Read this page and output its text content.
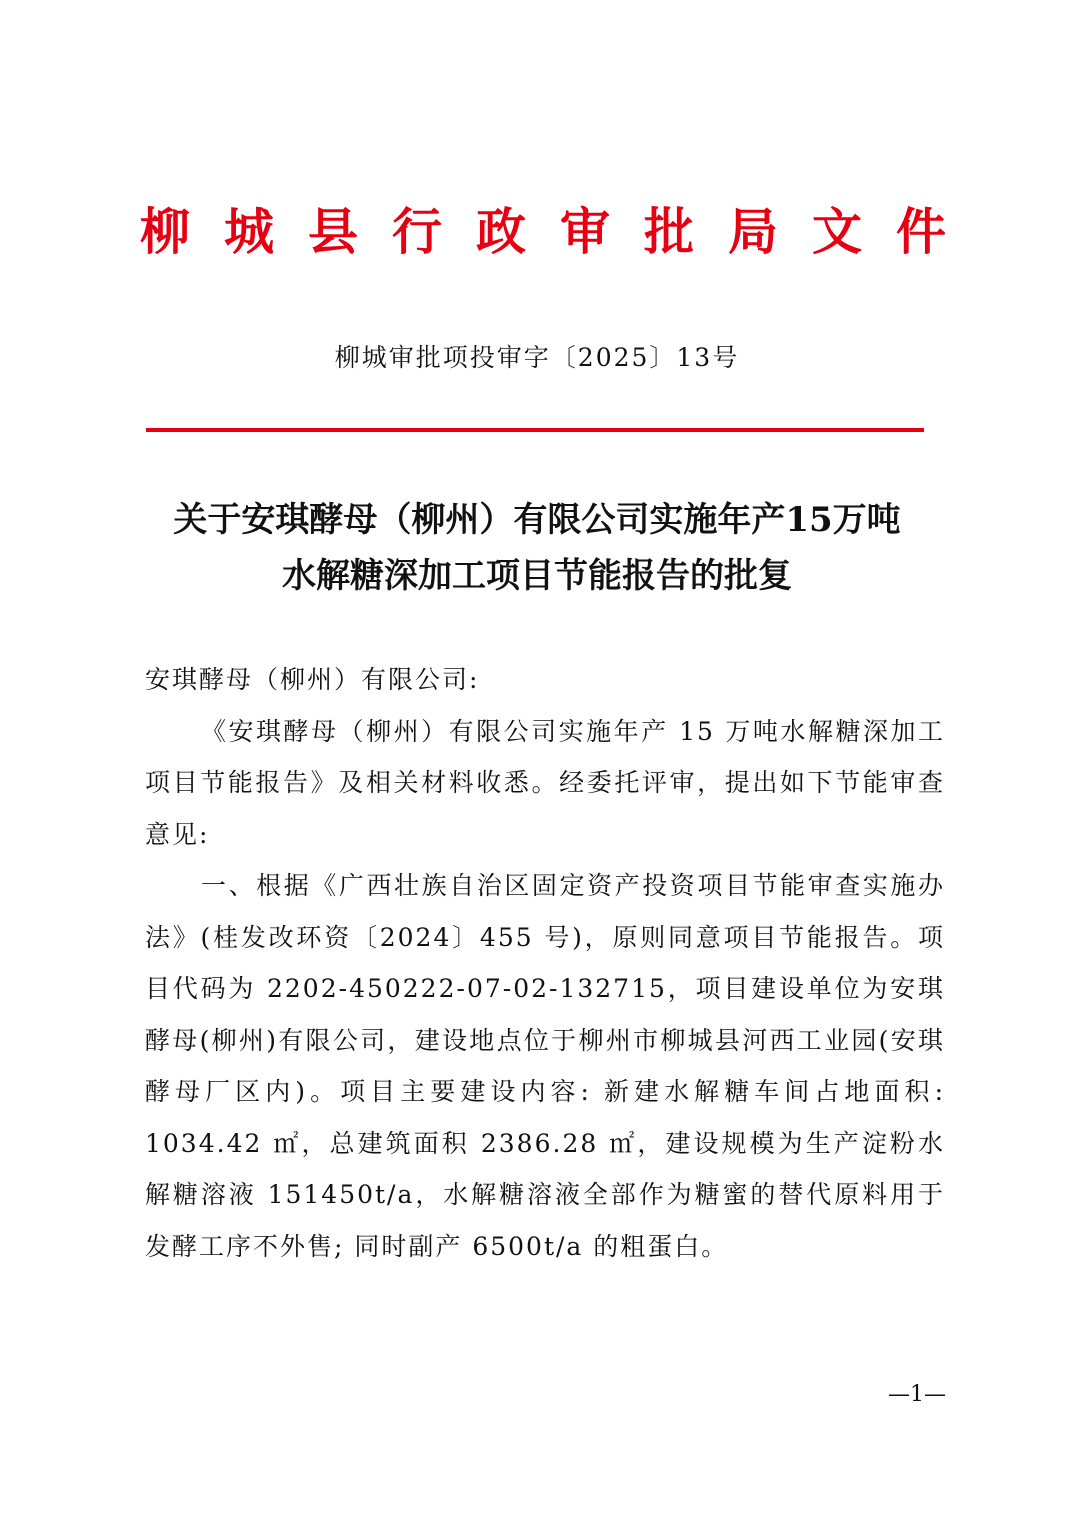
柳 城 县 行 政 审 批 局 文 件
柳城审批项投审字〔2025〕13号
关于安琪酵母（柳州）有限公司实施年产15万吨
水解糖深加工项目节能报告的批复

安琪酵母（柳州）有限公司:

《安琪酵母（柳州）有限公司实施年产 15 万吨水解糖深加工项目节能报告》及相关材料收悉。经委托评审，提出如下节能审查意见:

一、根据《广西壮族自治区固定资产投资项目节能审查实施办法》(桂发改环资〔2024〕455 号)，原则同意项目节能报告。项目代码为 2202-450222-07-02-132715，项目建设单位为安琪酵母(柳州)有限公司，建设地点位于柳州市柳城县河西工业园(安琪酵母厂区内)。项目主要建设内容: 新建水解糖车间占地面积: 1034.42 ㎡，总建筑面积 2386.28 ㎡，建设规模为生产淀粉水解糖溶液 151450t/a，水解糖溶液全部作为糖蜜的替代原料用于发酵工序不外售; 同时副产 6500t/a 的粗蛋白。

—1—
